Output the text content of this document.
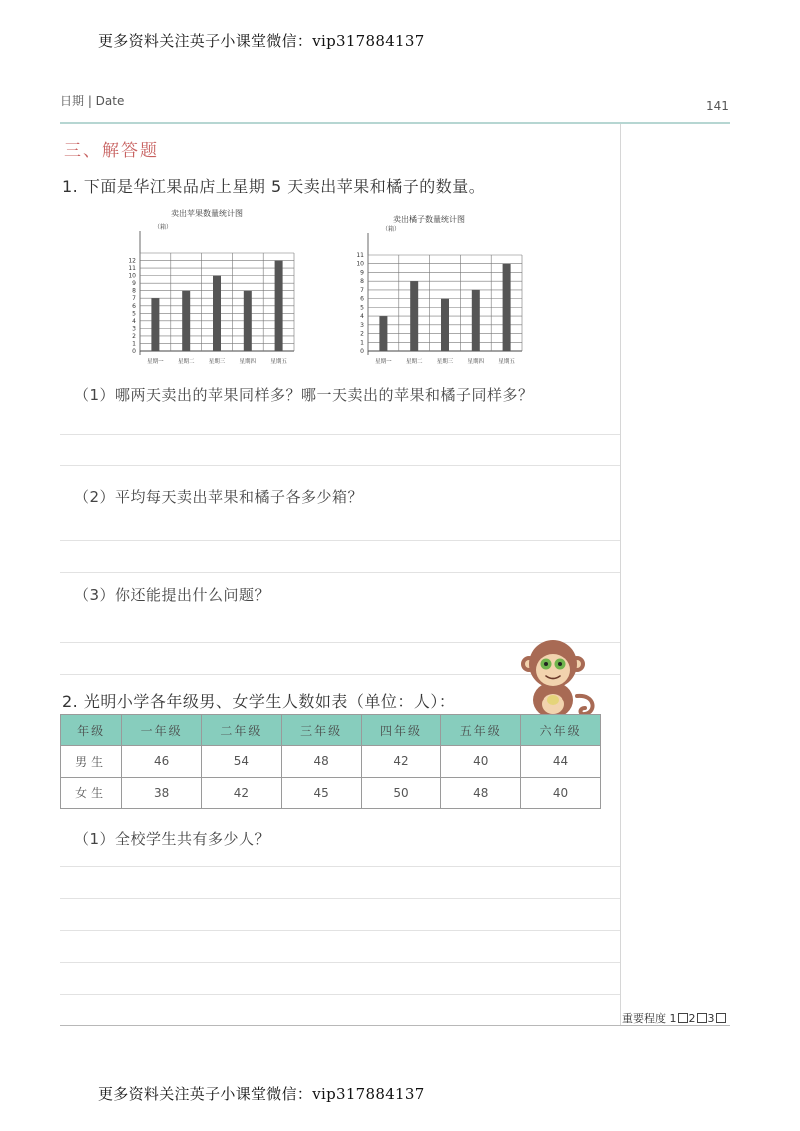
更多资料关注英子小课堂微信：vip317884137
日期 | Date	141
三、解答题
1. 下面是华江果品店上星期 5 天卖出苹果和橘子的数量。
卖出苹果数量统计图
（箱）
0
1
2
3
4
5
6
7
8
9
10
11
12
星期一	星期二	星期三	星期四	星期五
卖出橘子数量统计图
（箱）
0
1
2
3
4
5
6
7
8
9
10
11
星期一	星期二	星期三	星期四	星期五
（1）哪两天卖出的苹果同样多？哪一天卖出的苹果和橘子同样多？
（2）平均每天卖出苹果和橘子各多少箱？
（3）你还能提出什么问题？
2. 光明小学各年级男、女学生人数如表（单位：人）：
年级	一年级	二年级	三年级	四年级	五年级	六年级
男生	46	54	48	42	40	44
女生	38	42	45	50	48	40
（1）全校学生共有多少人？
重要程度 1 2 3
更多资料关注英子小课堂微信：vip317884137
